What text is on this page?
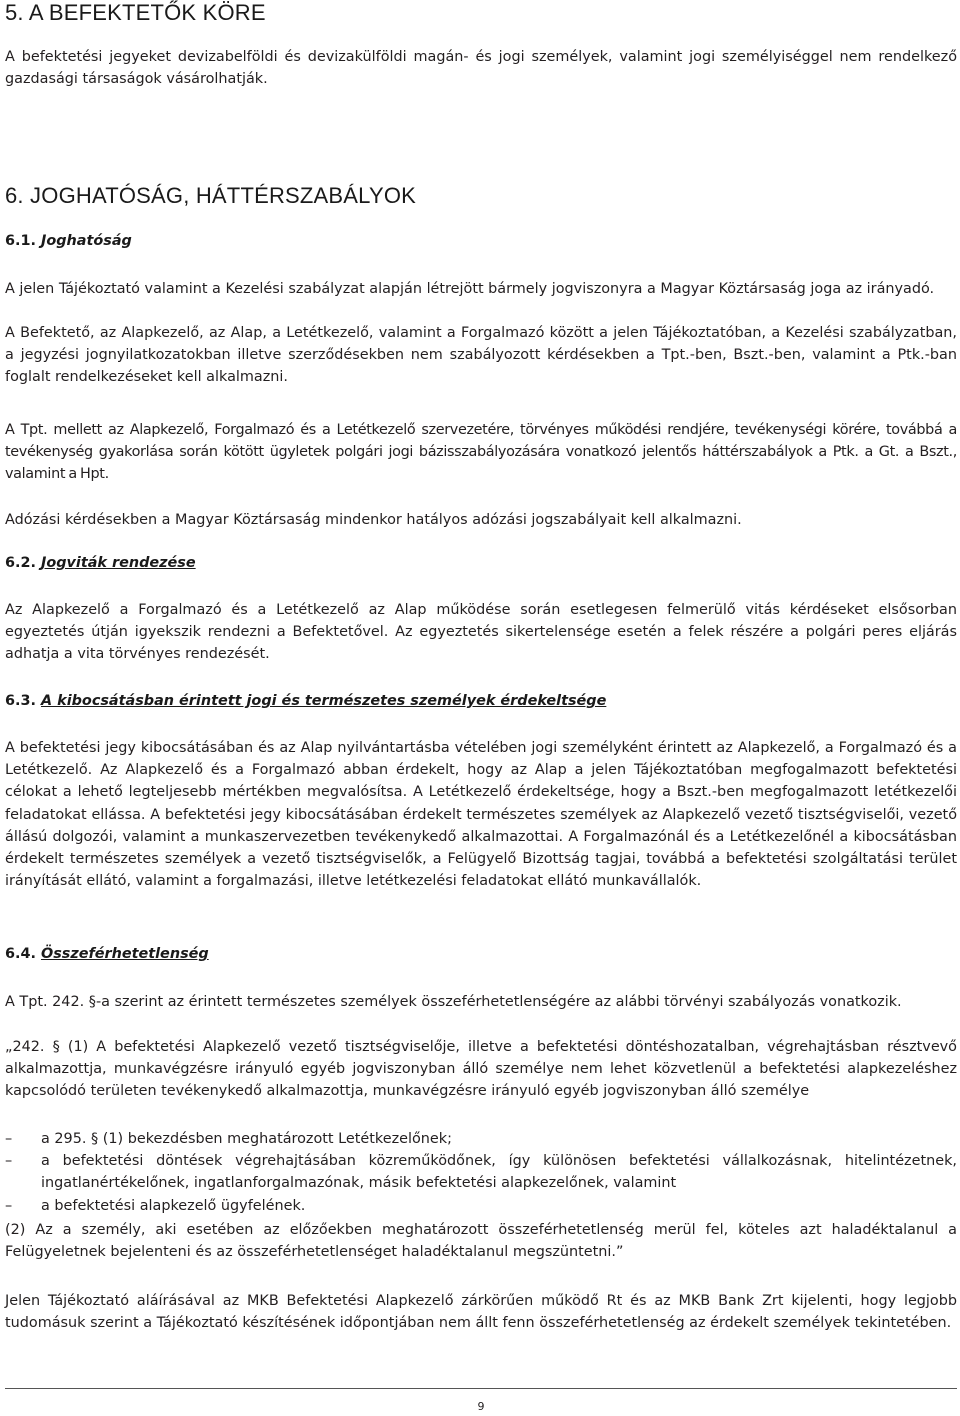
5. A BEFEKTETŐK KÖRE

A befektetési jegyeket devizabelföldi és devizakülföldi magán- és jogi személyek, valamint jogi személyiséggel nem rendelkező gazdasági társaságok vásárolhatják.

6. JOGHATÓSÁG, HÁTTÉRSZABÁLYOK
6.1. Joghatóság

A jelen Tájékoztató valamint a Kezelési szabályzat alapján létrejött bármely jogviszonyra a Magyar Köztársaság joga az irányadó.

A Befektető, az Alapkezelő, az Alap, a Letétkezelő, valamint a Forgalmazó között a jelen Tájékoztatóban, a Kezelési szabályzatban, a jegyzési jognyilatkozatokban illetve szerződésekben nem szabályozott kérdésekben a Tpt.-ben, Bszt.-ben, valamint a Ptk.-ban foglalt rendelkezéseket kell alkalmazni.

A Tpt. mellett az Alapkezelő, Forgalmazó és a Letétkezelő szervezetére, törvényes működési rendjére, tevékenységi körére, továbbá a tevékenység gyakorlása során kötött ügyletek polgári jogi bázisszabályozására vonatkozó jelentős háttérszabályok a Ptk. a Gt. a Bszt., valamint a Hpt.

Adózási kérdésekben a Magyar Köztársaság mindenkor hatályos adózási jogszabályait kell alkalmazni.

6.2. Jogviták rendezése

Az Alapkezelő a Forgalmazó és a Letétkezelő az Alap működése során esetlegesen felmerülő vitás kérdéseket elsősorban egyeztetés útján igyekszik rendezni a Befektetővel. Az egyeztetés sikertelensége esetén a felek részére a polgári peres eljárás adhatja a vita törvényes rendezését.

6.3. A kibocsátásban érintett jogi és természetes személyek érdekeltsége

A befektetési jegy kibocsátásában és az Alap nyilvántartásba vételében jogi személyként érintett az Alapkezelő, a Forgalmazó és a Letétkezelő. Az Alapkezelő és a Forgalmazó abban érdekelt, hogy az Alap a jelen Tájékoztatóban megfogalmazott befektetési célokat a lehető legteljesebb mértékben megvalósítsa. A Letétkezelő érdekeltsége, hogy a Bszt.-ben megfogalmazott letétkezelői feladatokat ellássa. A befektetési jegy kibocsátásában érdekelt természetes személyek az Alapkezelő vezető tisztségviselői, vezető állású dolgozói, valamint a munkaszervezetben tevékenykedő alkalmazottai. A Forgalmazónál és a Letétkezelőnél a kibocsátásban érdekelt természetes személyek a vezető tisztségviselők, a Felügyelő Bizottság tagjai, továbbá a befektetési szolgáltatási terület irányítását ellátó, valamint a forgalmazási, illetve letétkezelési feladatokat ellátó munkavállalók.

6.4. Összeférhetetlenség

A Tpt. 242. §-a szerint az érintett természetes személyek összeférhetetlenségére az alábbi törvényi szabályozás vonatkozik.

„242. § (1) A befektetési Alapkezelő vezető tisztségviselője, illetve a befektetési döntéshozatalban, végrehajtásban résztvevő alkalmazottja, munkavégzésre irányuló egyéb jogviszonyban álló személye nem lehet közvetlenül a befektetési alapkezeléshez kapcsolódó területen tevékenykedő alkalmazottja, munkavégzésre irányuló egyéb jogviszonyban álló személye

– a 295. § (1) bekezdésben meghatározott Letétkezelőnek;
– a befektetési döntések végrehajtásában közreműködőnek, így különösen befektetési vállalkozásnak, hitelintézetnek, ingatlanértékelőnek, ingatlanforgalmazónak, másik befektetési alapkezelőnek, valamint
– a befektetési alapkezelő ügyfelének.

(2) Az a személy, aki esetében az előzőekben meghatározott összeférhetetlenség merül fel, köteles azt haladéktalanul a Felügyeletnek bejelenteni és az összeférhetetlenséget haladéktalanul megszüntetni.”

Jelen Tájékoztató aláírásával az MKB Befektetési Alapkezelő zárkörűen működő Rt és az MKB Bank Zrt kijelenti, hogy legjobb tudomásuk szerint a Tájékoztató készítésének időpontjában nem állt fenn összeférhetetlenség az érdekelt személyek tekintetében.

9
